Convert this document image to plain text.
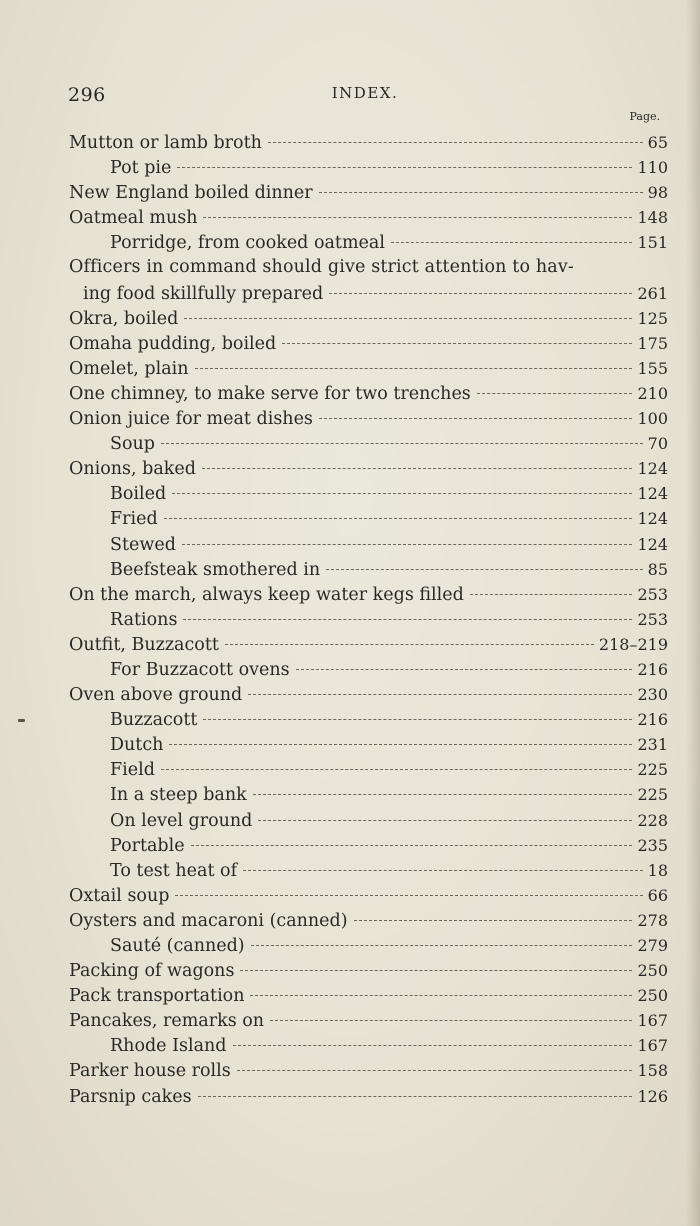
296	INDEX.
Page.
Mutton or lamb broth	65
Pot pie	110
New England boiled dinner	98
Oatmeal mush	148
Porridge, from cooked oatmeal	151
Officers in command should give strict attention to hav-
ing food skillfully prepared	261
Okra, boiled	125
Omaha pudding, boiled	175
Omelet, plain	155
One chimney, to make serve for two trenches	210
Onion juice for meat dishes	100
Soup	70
Onions, baked	124
Boiled	124
Fried	124
Stewed	124
Beefsteak smothered in	85
On the march, always keep water kegs filled	253
Rations	253
Outfit, Buzzacott	218–219
For Buzzacott ovens	216
Oven above ground	230
Buzzacott	216
Dutch	231
Field	225
In a steep bank	225
On level ground	228
Portable	235
To test heat of	18
Oxtail soup	66
Oysters and macaroni (canned)	278
Sauté (canned)	279
Packing of wagons	250
Pack transportation	250
Pancakes, remarks on	167
Rhode Island	167
Parker house rolls	158
Parsnip cakes	126
